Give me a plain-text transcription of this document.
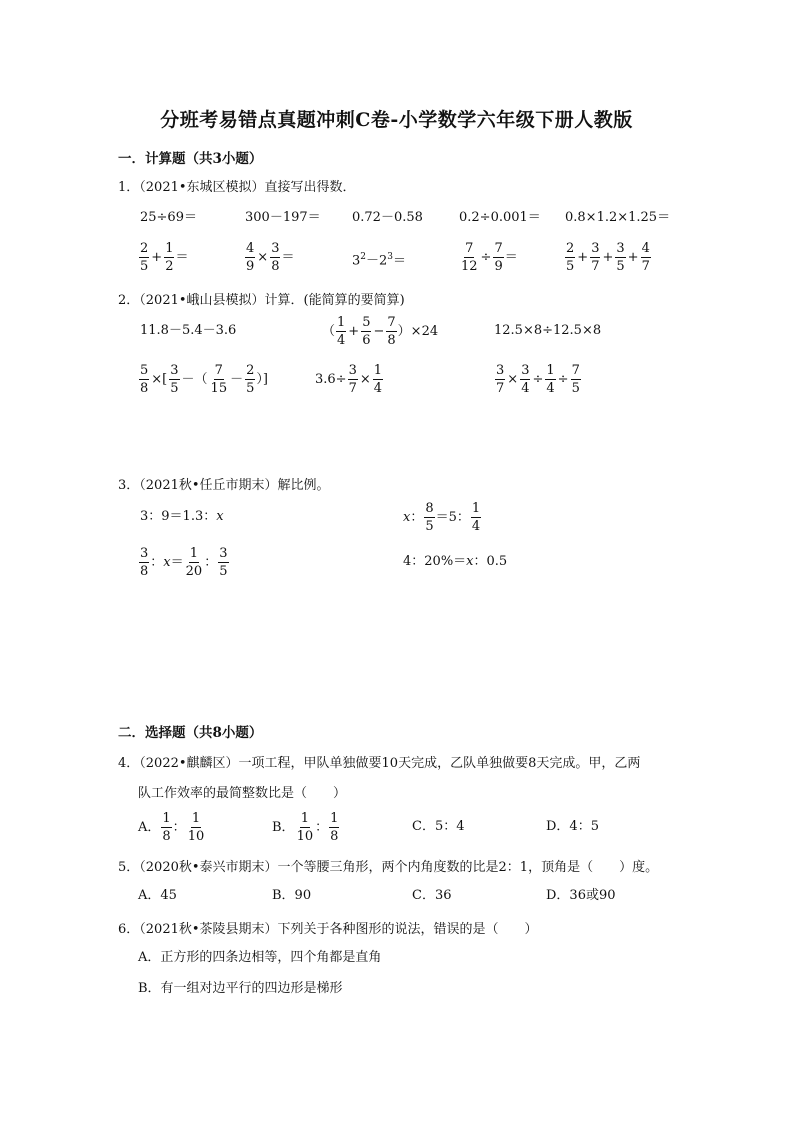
分班考易错点真题冲刺C卷-小学数学六年级下册人教版
一．计算题（共3小题）
1．（2021•东城区模拟）直接写出得数．
25÷69＝	300－197＝ 0.72－0.58	0.2÷0.001＝ 0.8×1.2×1.25＝
$\frac{2}{5} + \frac{1}{2}$ ＝	$\frac{4}{9} \times \frac{3}{8}$ ＝	$3^2-2^3=$	$\frac{7}{12} \div \frac{7}{9}$ ＝	$\frac{2}{5} + \frac{3}{7} + \frac{3}{5} + \frac{4}{7}$
2．（2021•峨山县模拟）计算．(能简算的要简算)
11.8－5.4－3.6	（ $\frac{1}{4} + \frac{5}{6} - \frac{7}{8} )\times 24$	12.5×8÷12.5×8
$\frac{5}{8}$ ×[ $\frac{3}{5}$ －（ $\frac{7}{15} - \frac{2}{5}$ ）]	$3.6\div \frac{3}{7} \times \frac{1}{4}$	$\frac{3}{7} \times \frac{3}{4} \div \frac{1}{4} \div \frac{7}{5}$
3．（2021秋•任丘市期末）解比例。
3：9＝1.3：x	x： $\frac{8}{5} =5$： $\frac{1}{4}$
$\frac{3}{8}$ ：$x= \frac{1}{20}$ ： $\frac{3}{5}$	4：20%＝x：0.5
二．选择题（共8小题）
4．（2022•麒麟区）一项工程，甲队单独做要10天完成，乙队单独做要8天完成。甲，乙两
队工作效率的最简整数比是（　　）
A． $\frac{1}{8}$ ： $\frac{1}{10}$	B． $\frac{1}{10}$ ： $\frac{1}{8}$	C．5：4	D．4：5
5．（2020秋•泰兴市期末）一个等腰三角形，两个内角度数的比是2：1，顶角是（　　）度。
A．45	B．90	C．36	D．36或90
6．（2021秋•茶陵县期末）下列关于各种图形的说法，错误的是（　　）
A．正方形的四条边相等，四个角都是直角
B．有一组对边平行的四边形是梯形
